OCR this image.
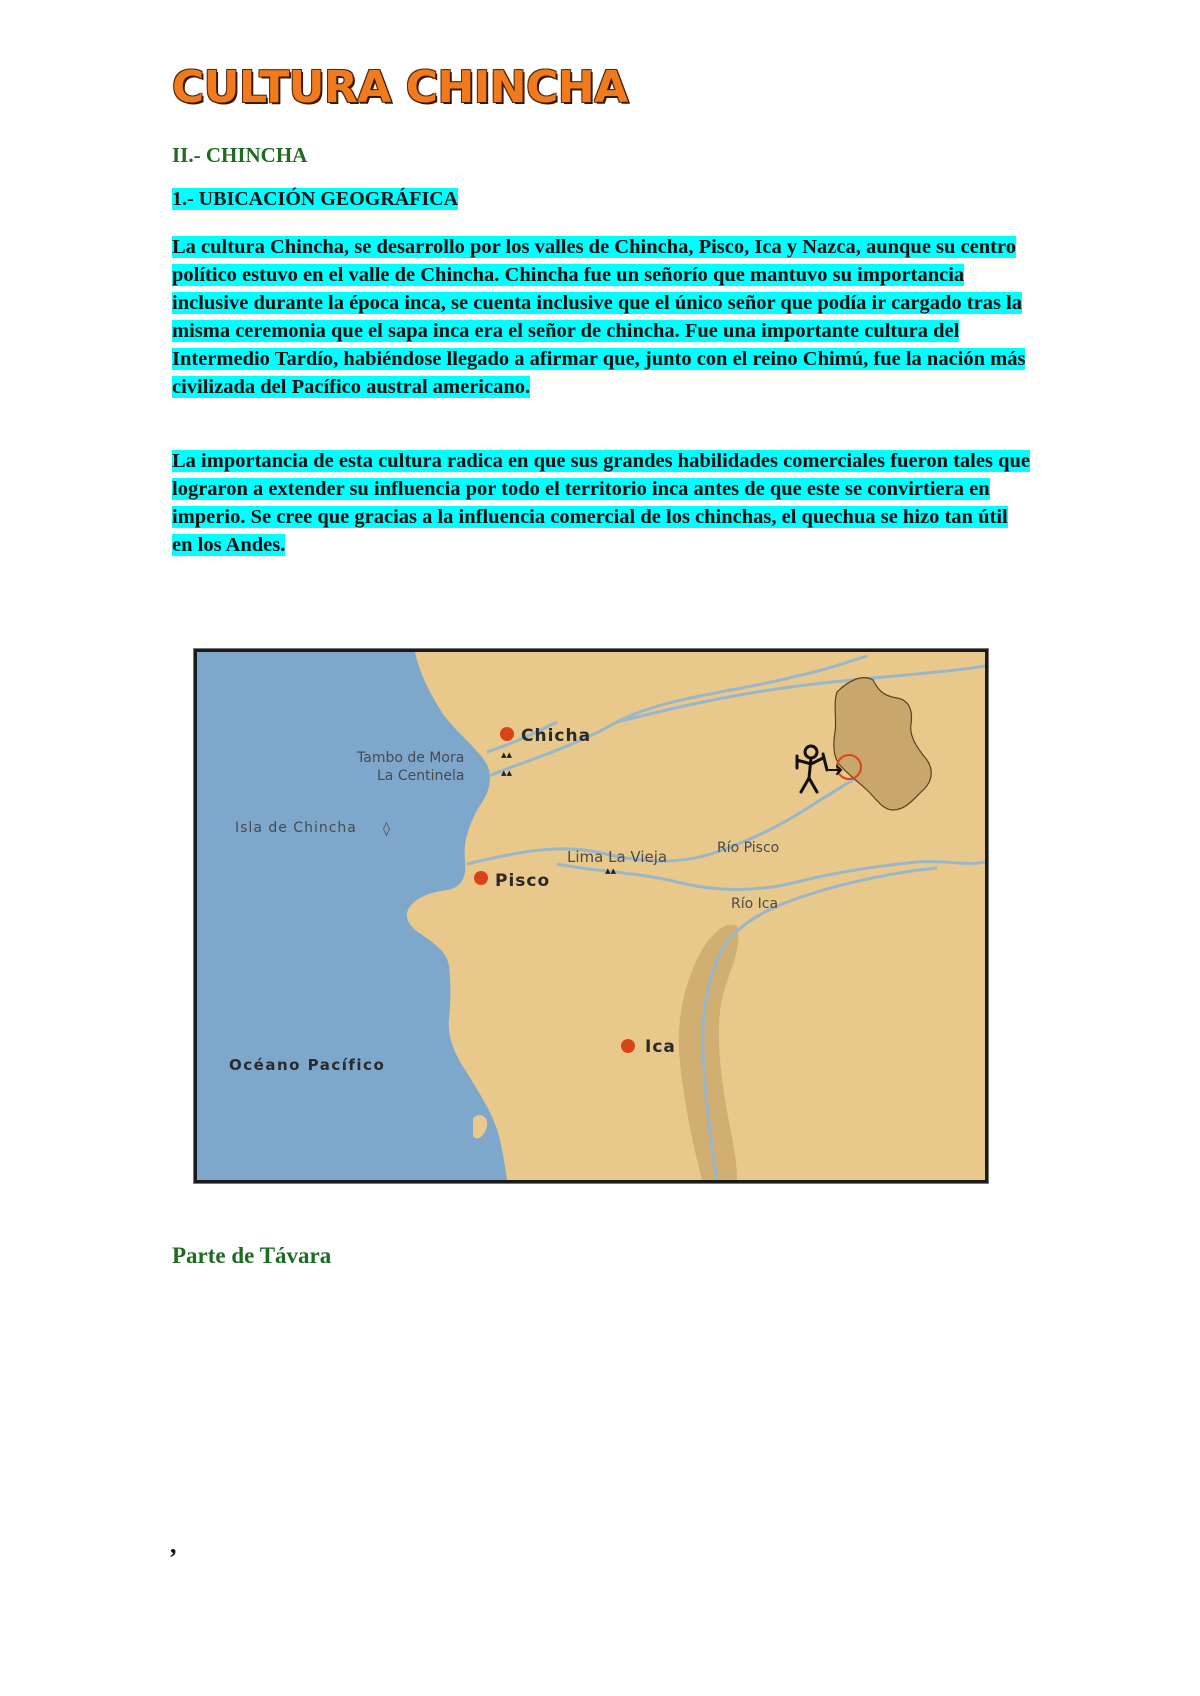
CULTURA CHINCHA
II.- CHINCHA
1.- UBICACIÓN GEOGRÁFICA

La cultura Chincha, se desarrollo por los valles de Chincha, Pisco, Ica y Nazca, aunque su centro político estuvo en el valle de Chincha. Chincha fue un señorío que mantuvo su importancia inclusive durante la época inca, se cuenta inclusive que el único señor que podía ir cargado tras la misma ceremonia que el sapa inca era el señor de chincha. Fue una importante cultura del Intermedio Tardío, habiéndose llegado a afirmar que, junto con el reino Chimú, fue la nación más civilizada del Pacífico austral americano.

La importancia de esta cultura radica en que sus grandes habilidades comerciales fueron tales que lograron a extender su influencia por todo el territorio inca antes de que este se convirtiera en imperio. Se cree que gracias a la influencia comercial de los chinchas, el quechua se hizo tan útil en los Andes.

▴▴
▴▴
▴▴
Chicha
Tambo de Mora
La Centinela
Isla de Chincha ◊
Pisco
Lima La Vieja	Río Pisco
Río Ica
Ica
Océano Pacífico

Parte de Távara

,
